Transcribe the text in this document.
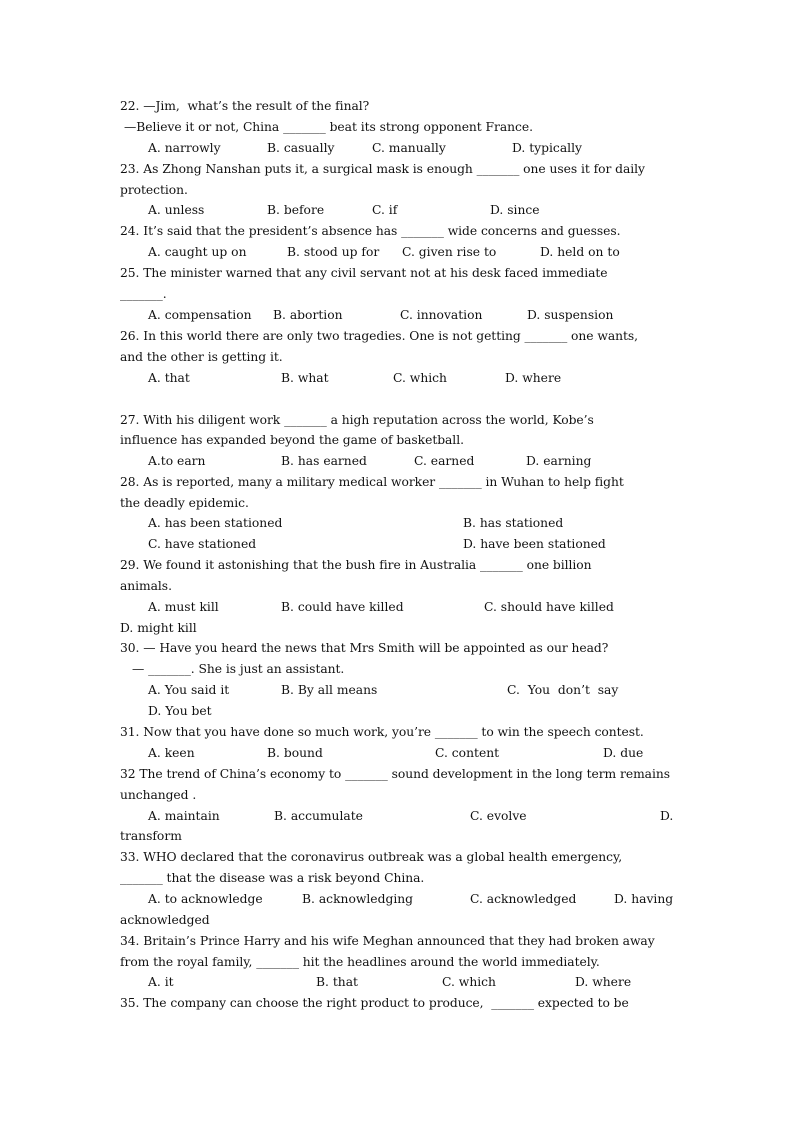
22. —Jim,  what’s the result of the final?
—Believe it or not, China _______ beat its strong opponent France.
A. narrowly	B. casually	C. manually	D. typically
23. As Zhong Nanshan puts it, a surgical mask is enough _______ one uses it for daily
protection.
A. unless	B. before	C. if	D. since
24. It’s said that the president’s absence has _______ wide concerns and guesses.
A. caught up on	B. stood up for C. given rise to	D. held on to
25. The minister warned that any civil servant not at his desk faced immediate
_______.
A. compensation B. abortion	C. innovation	D. suspension
26. In this world there are only two tragedies. One is not getting _______ one wants,
and the other is getting it.
A. that	B. what	C. which	D. where
27. With his diligent work _______ a high reputation across the world, Kobe’s
influence has expanded beyond the game of basketball.
A.to earn	B. has earned	C. earned	D. earning
28. As is reported, many a military medical worker _______ in Wuhan to help fight
the deadly epidemic.
A. has been stationed	B. has stationed
C. have stationed	D. have been stationed
29. We found it astonishing that the bush fire in Australia _______ one billion
animals.
A. must kill	B. could have killed	C. should have killed
D. might kill
30. — Have you heard the news that Mrs Smith will be appointed as our head?
— _______. She is just an assistant.
A. You said it	B. By all means	C.  You  don’t  say
D. You bet
31. Now that you have done so much work, you’re _______ to win the speech contest.
A. keen	B. bound	C. content	D. due
32 The trend of China’s economy to _______ sound development in the long term remains
unchanged .
A. maintain	B. accumulate	C. evolve	D.
transform
33. WHO declared that the coronavirus outbreak was a global health emergency,
_______ that the disease was a risk beyond China.
A. to acknowledge	B. acknowledging	C. acknowledged	D. having
acknowledged
34. Britain’s Prince Harry and his wife Meghan announced that they had broken away
from the royal family, _______ hit the headlines around the world immediately.
A. it	B. that	C. which	D. where
35. The company can choose the right product to produce,  _______ expected to be
